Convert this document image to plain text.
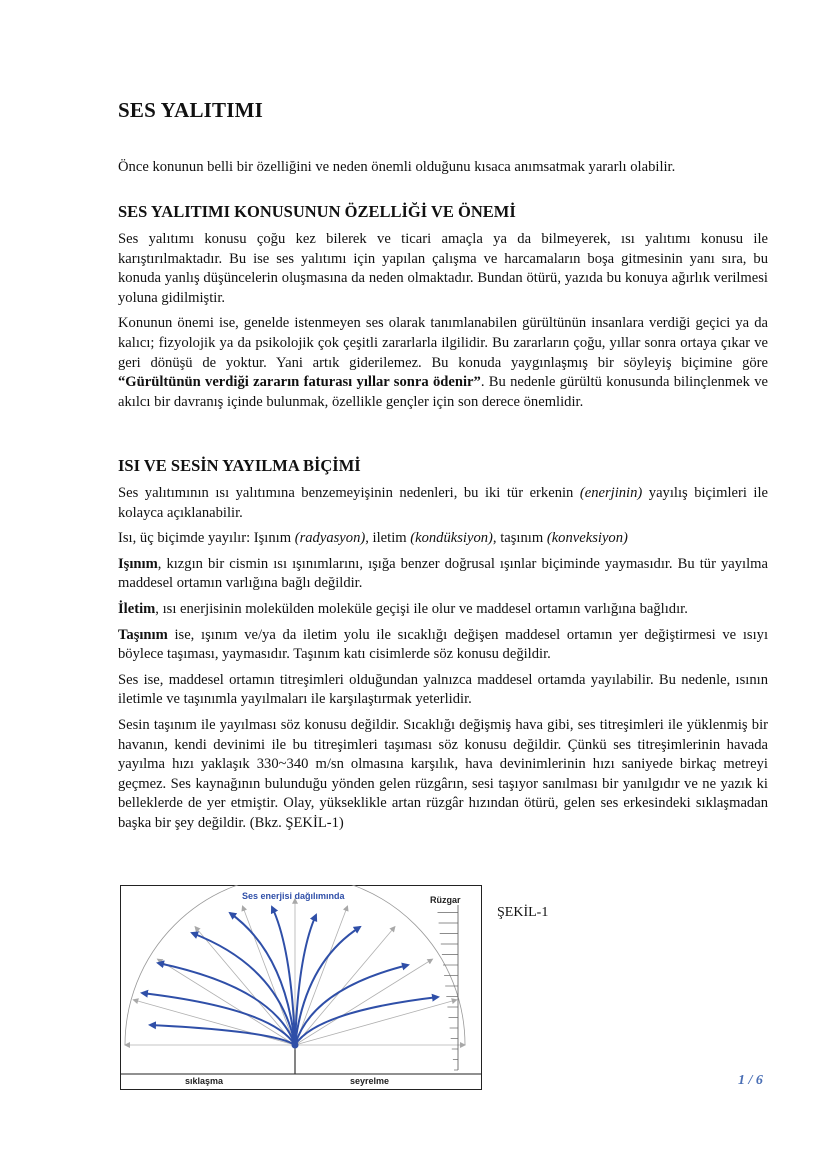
SES YALITIMI

Önce konunun belli bir özelliğini ve neden önemli olduğunu kısaca anımsatmak yararlı olabilir.

SES YALITIMI KONUSUNUN ÖZELLİĞİ VE ÖNEMİ

Ses yalıtımı konusu çoğu kez bilerek ve ticari amaçla ya da bilmeyerek, ısı yalıtımı konusu ile karıştırılmaktadır. Bu ise ses yalıtımı için yapılan çalışma ve harcamaların boşa gitmesinin yanı sıra, bu konuda yanlış düşüncelerin oluşmasına da neden olmaktadır. Bundan ötürü, yazıda bu konuya ağırlık verilmesi yoluna gidilmiştir.

Konunun önemi ise, genelde istenmeyen ses olarak tanımlanabilen gürültünün insanlara verdiği geçici ya da kalıcı; fizyolojik ya da psikolojik çok çeşitli zararlarla ilgilidir. Bu zararların çoğu, yıllar sonra ortaya çıkar ve geri dönüşü de yoktur. Yani artık giderilemez. Bu konuda yaygınlaşmış bir söyleyiş biçimine göre “Gürültünün verdiği zararın faturası yıllar sonra ödenir”. Bu nedenle gürültü konusunda bilinçlenmek ve akılcı bir davranış içinde bulunmak, özellikle gençler için son derece önemlidir.

ISI VE SESİN YAYILMA BİÇİMİ

Ses yalıtımının ısı yalıtımına benzemeyişinin nedenleri, bu iki tür erkenin (enerjinin) yayılış biçimleri ile kolayca açıklanabilir.

Isı, üç biçimde yayılır: Işınım (radyasyon), iletim (kondüksiyon), taşınım (konveksiyon)

Işınım, kızgın bir cismin ısı ışınımlarını, ışığa benzer doğrusal ışınlar biçiminde yaymasıdır. Bu tür yayılma maddesel ortamın varlığına bağlı değildir.

İletim, ısı enerjisinin molekülden moleküle geçişi ile olur ve maddesel ortamın varlığına bağlıdır.

Taşınım ise, ışınım ve/ya da iletim yolu ile sıcaklığı değişen maddesel ortamın yer değiştirmesi ve ısıyı böylece taşıması, yaymasıdır. Taşınım katı cisimlerde söz konusu değildir.

Ses ise, maddesel ortamın titreşimleri olduğundan yalnızca maddesel ortamda yayılabilir. Bu nedenle, ısının iletimle ve taşınımla yayılmaları ile karşılaştırmak yeterlidir.

Sesin taşınım ile yayılması söz konusu değildir. Sıcaklığı değişmiş hava gibi, ses titreşimleri ile yüklenmiş bir havanın, kendi devinimi ile bu titreşimleri taşıması söz konusu değildir. Çünkü ses titreşimlerinin havada yayılma hızı yaklaşık 330~340 m/sn olmasına karşılık, hava devinimlerinin hızı saniyede birkaç metreyi geçmez. Ses kaynağının bulunduğu yönden gelen rüzgârın, sesi taşıyor sanılması bir yanılgıdır ve ne yazık ki belleklerde de yer etmiştir. Olay, yükseklikle artan rüzgâr hızından ötürü, gelen ses erkesindeki sıklaşmadan başka bir şey değildir. (Bkz. ŞEKİL-1)

Ses enerjisi dağılımında	Rüzgar
sıklaşma	seyrelme
ŞEKİL-1
1 / 6
